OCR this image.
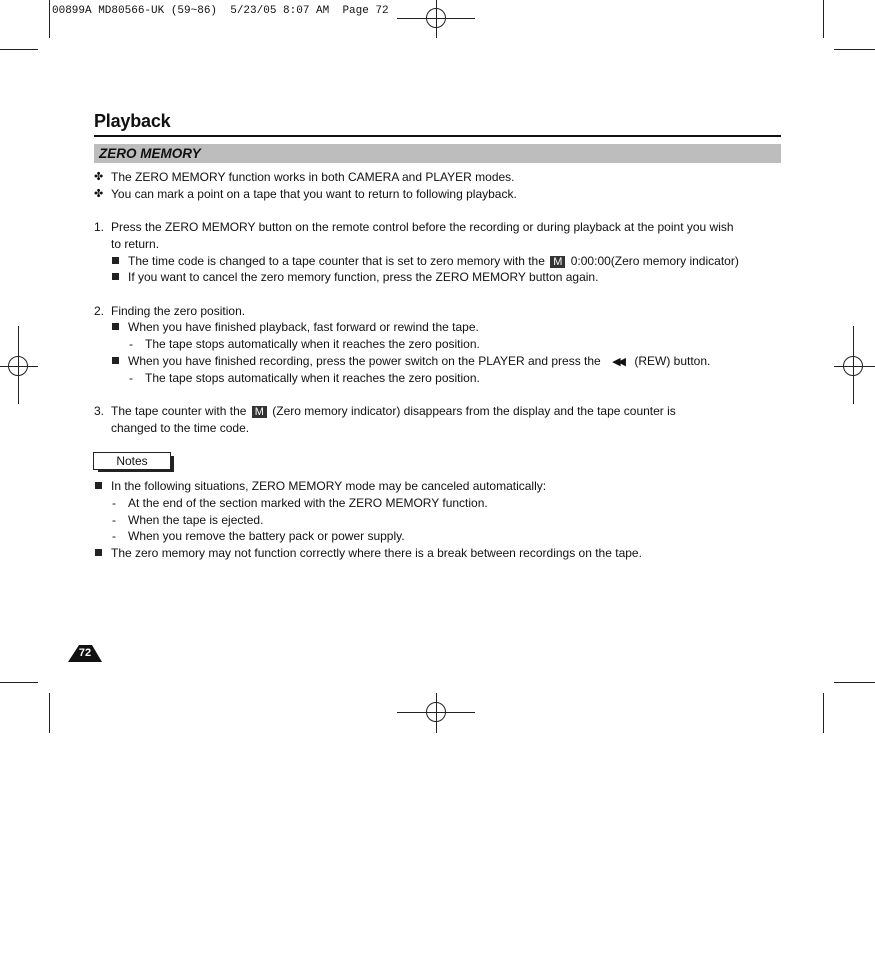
00899A MD80566-UK (59~86)  5/23/05 8:07 AM  Page 72
Playback
ZERO MEMORY
✤ The ZERO MEMORY function works in both CAMERA and PLAYER modes.
✤ You can mark a point on a tape that you want to return to following playback.
1. Press the ZERO MEMORY button on the remote control before the recording or during playback at the point you wish
to return.
The time code is changed to a tape counter that is set to zero memory with the M 0:00:00(Zero memory indicator)
If you want to cancel the zero memory function, press the ZERO MEMORY button again.
2. Finding the zero position.
When you have finished playback, fast forward or rewind the tape.
- The tape stops automatically when it reaches the zero position.
When you have finished recording, press the power switch on the PLAYER and press the ◀◀ (REW) button.
- The tape stops automatically when it reaches the zero position.
3. The tape counter with the M (Zero memory indicator) disappears from the display and the tape counter is
changed to the time code.
Notes
In the following situations, ZERO MEMORY mode may be canceled automatically:
- At the end of the section marked with the ZERO MEMORY function.
- When the tape is ejected.
- When you remove the battery pack or power supply.
The zero memory may not function correctly where there is a break between recordings on the tape.
72
